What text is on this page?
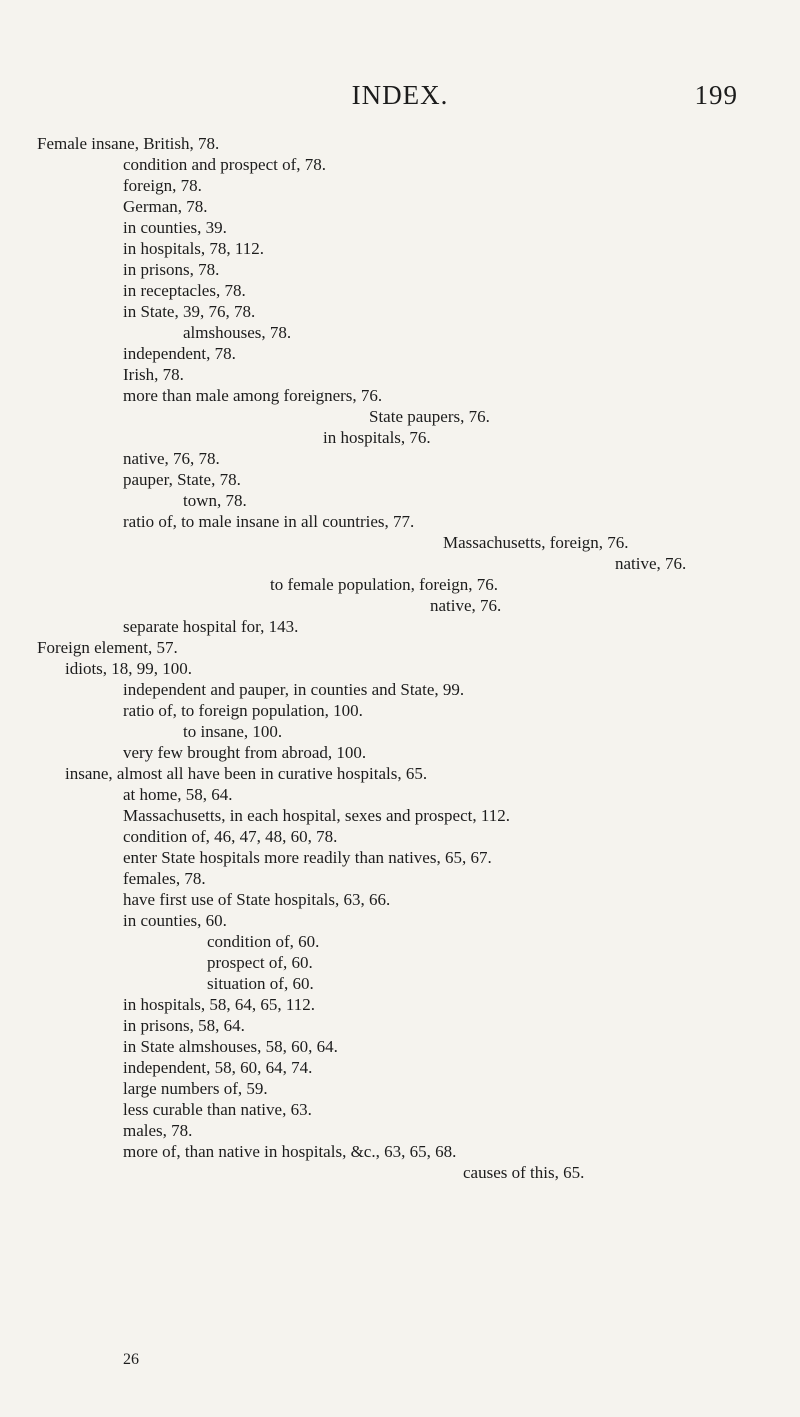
INDEX.	199
Female insane, British, 78.
condition and prospect of, 78.
foreign, 78.
German, 78.
in counties, 39.
in hospitals, 78, 112.
in prisons, 78.
in receptacles, 78.
in State, 39, 76, 78.
almshouses, 78.
independent, 78.
Irish, 78.
more than male among foreigners, 76.
State paupers, 76.
in hospitals, 76.
native, 76, 78.
pauper, State, 78.
town, 78.
ratio of, to male insane in all countries, 77.
Massachusetts, foreign, 76.
native, 76.
to female population, foreign, 76.
native, 76.
separate hospital for, 143.
Foreign element, 57.
idiots, 18, 99, 100.
independent and pauper, in counties and State, 99.
ratio of, to foreign population, 100.
to insane, 100.
very few brought from abroad, 100.
insane, almost all have been in curative hospitals, 65.
at home, 58, 64.
Massachusetts, in each hospital, sexes and prospect, 112.
condition of, 46, 47, 48, 60, 78.
enter State hospitals more readily than natives, 65, 67.
females, 78.
have first use of State hospitals, 63, 66.
in counties, 60.
condition of, 60.
prospect of, 60.
situation of, 60.
in hospitals, 58, 64, 65, 112.
in prisons, 58, 64.
in State almshouses, 58, 60, 64.
independent, 58, 60, 64, 74.
large numbers of, 59.
less curable than native, 63.
males, 78.
more of, than native in hospitals, &c., 63, 65, 68.
causes of this, 65.
26
